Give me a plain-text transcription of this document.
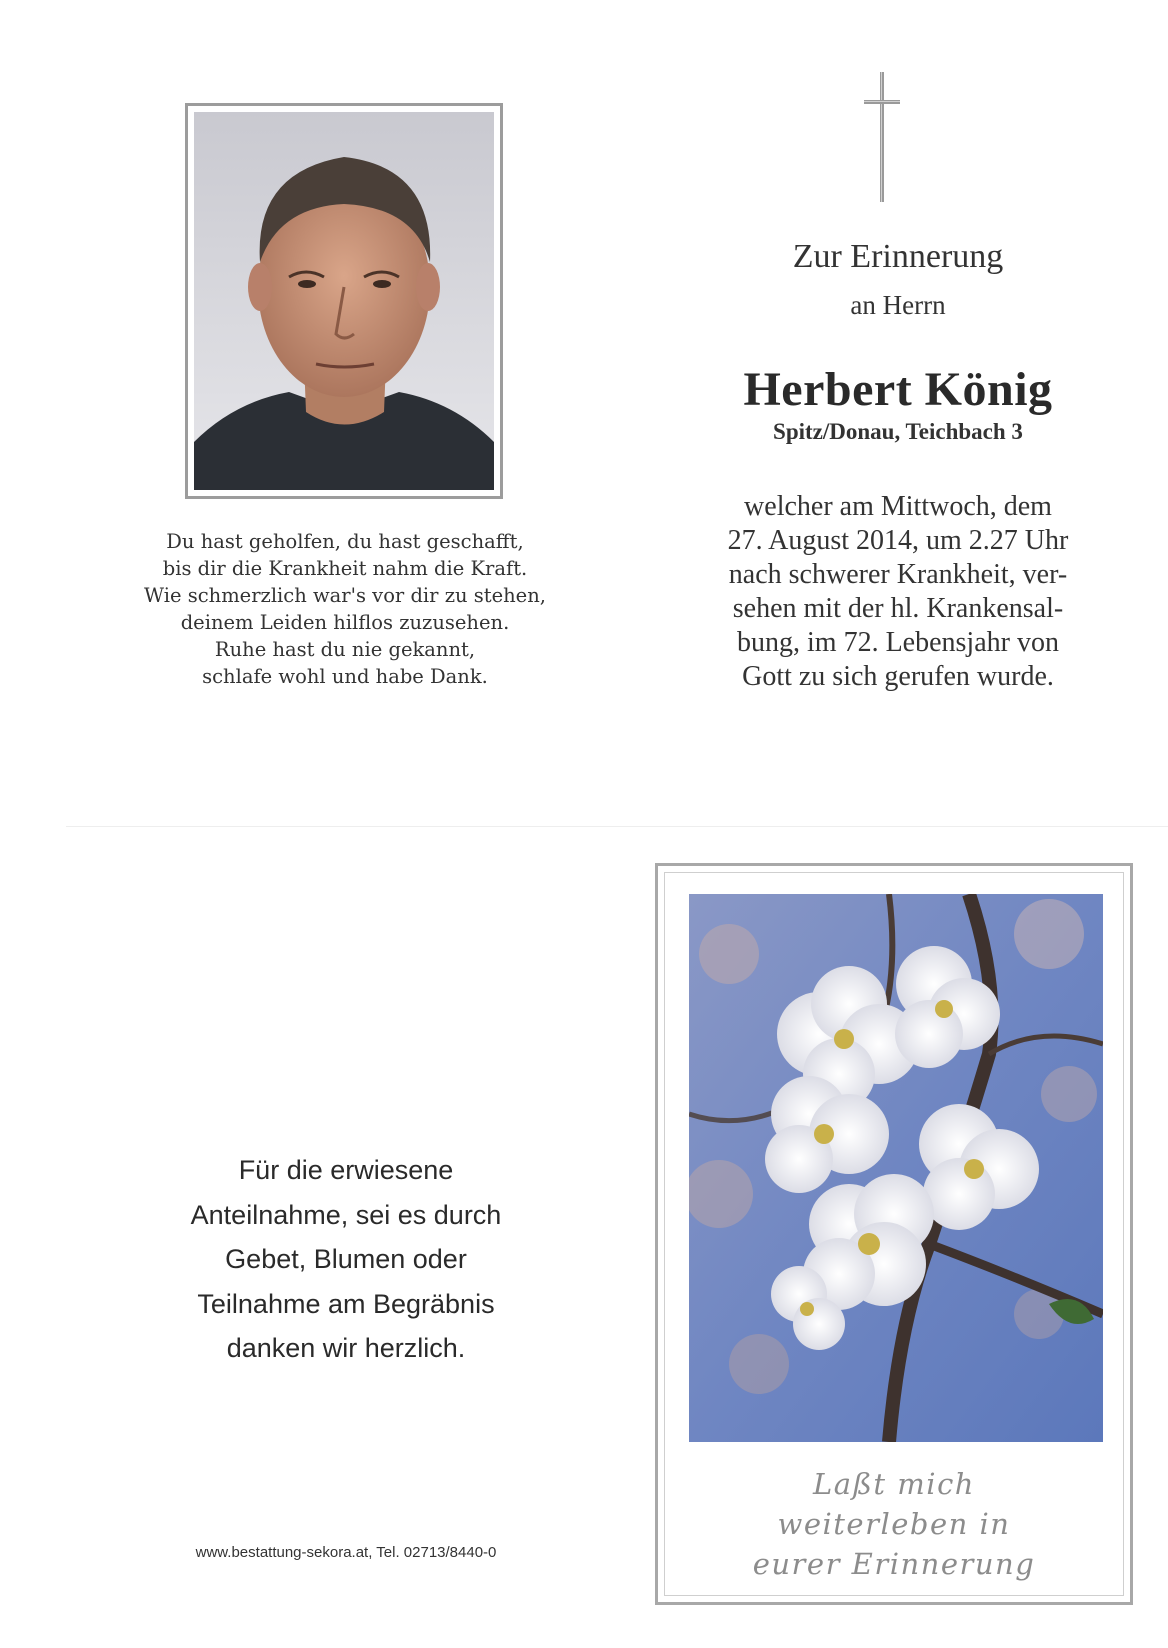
Du hast geholfen, du hast geschafft,
bis dir die Krankheit nahm die Kraft.
Wie schmerzlich war's vor dir zu stehen,
deinem Leiden hilflos zuzusehen.
Ruhe hast du nie gekannt,
schlafe wohl und habe Dank.
Zur Erinnerung
an Herrn
Herbert König
Spitz/Donau, Teichbach 3
welcher am Mittwoch, dem
27. August 2014, um 2.27 Uhr
nach schwerer Krankheit, ver-
sehen mit der hl. Krankensal-
bung, im 72. Lebensjahr von
Gott zu sich gerufen wurde.
Für die erwiesene
Anteilnahme, sei es durch
Gebet, Blumen oder
Teilnahme am Begräbnis
danken wir herzlich.
www.bestattung-sekora.at, Tel. 02713/8440-0
Laßt mich
weiterleben in
eurer Erinnerung
